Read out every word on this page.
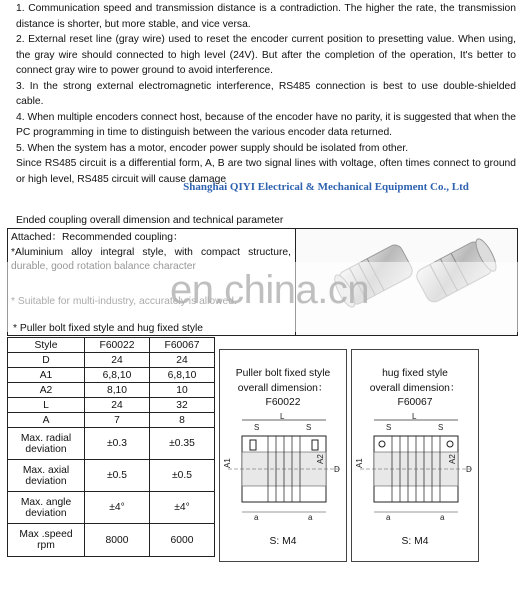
1. Communication speed and transmission distance is a contradiction. The higher the rate, the transmission distance is shorter, but more stable, and vice versa.

2. External reset line (gray wire) used to reset the encoder current position to presetting value. When using, the gray wire should connected to high level (24V). But after the completion of the operation, It's better to connect gray wire to power ground to avoid interference.

3. In the strong external electromagnetic interference, RS485 connection is best to use double-shielded cable.

4. When multiple encoders connect host, because of the encoder have no parity, it is suggested that when the PC programming in time to distinguish between the various encoder data returned.

5. When the system has a motor, encoder power supply should be isolated from other.

Since RS485 circuit is a differential form, A, B are two signal lines with voltage, often times connect to ground or high level, RS485 circuit will cause damage

Shanghai QIYI Electrical & Mechanical Equipment Co., Ltd
Ended coupling overall dimension and technical parameter
Attached：Recommended coupling：
*Aluminium alloy integral style, with compact structure,
en.china.cn
* Puller bolt fixed style and hug fixed style
Style	F60022	F60067
D	24	24
A1	6,8,10	6,8,10
A2	8,10	10
L	24	32
A	7	8
Max. radial deviation	±0.3	±0.35
Max. axial deviation	±0.5	±0.5
Max. angle deviation	±4°	±4°
Max .speed rpm	8000	6000
Puller bolt fixed style
overall dimension：
F60022
L
S	S
A1	A2
D
a	a
S: M4
hug fixed style
overall dimension：
F60067
L
S	S
A1	A2
D
a	a
S: M4
